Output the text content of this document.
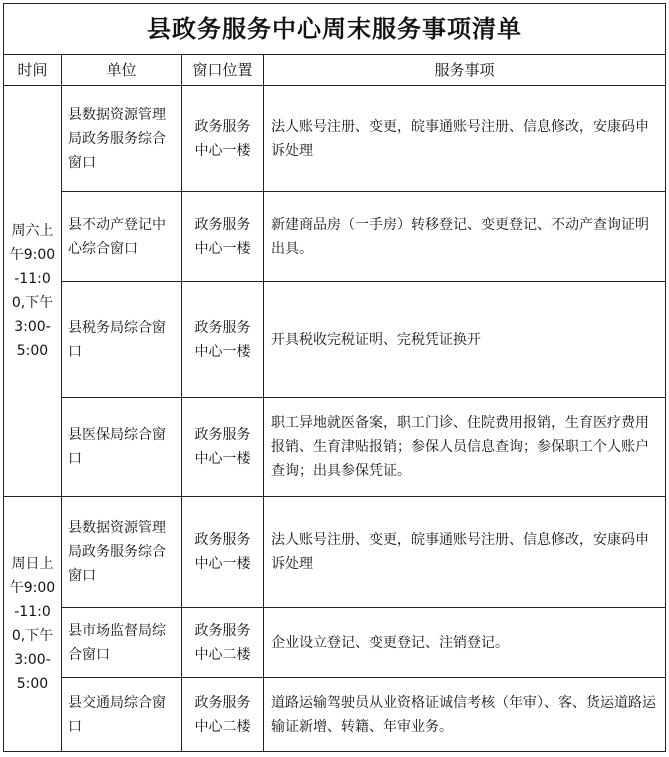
县政务服务中心周末服务事项清单			
时间	单位	窗口位置	服务事项
周六上午9:00-11:00,下午3:00-5:00	县数据资源管理局政务服务综合窗口	政务服务中心一楼	法人账号注册、变更，皖事通账号注册、信息修改，安康码申诉处理
	县不动产登记中心综合窗口	政务服务中心一楼	新建商品房（一手房）转移登记、变更登记、不动产查询证明出具。
	县税务局综合窗口	政务服务中心一楼	开具税收完税证明、完税凭证换开
	县医保局综合窗口	政务服务中心一楼	职工异地就医备案，职工门诊、住院费用报销，生育医疗费用报销、生育津贴报销；参保人员信息查询；参保职工个人账户查询；出具参保凭证。
周日上午9:00-11:00,下午3:00-5:00	县数据资源管理局政务服务综合窗口	政务服务中心一楼	法人账号注册、变更，皖事通账号注册、信息修改，安康码申诉处理
	县市场监督局综合窗口	政务服务中心二楼	企业设立登记、变更登记、注销登记。
	县交通局综合窗口	政务服务中心二楼	道路运输驾驶员从业资格证诚信考核（年审）、客、货运道路运输证新增、转籍、年审业务。
